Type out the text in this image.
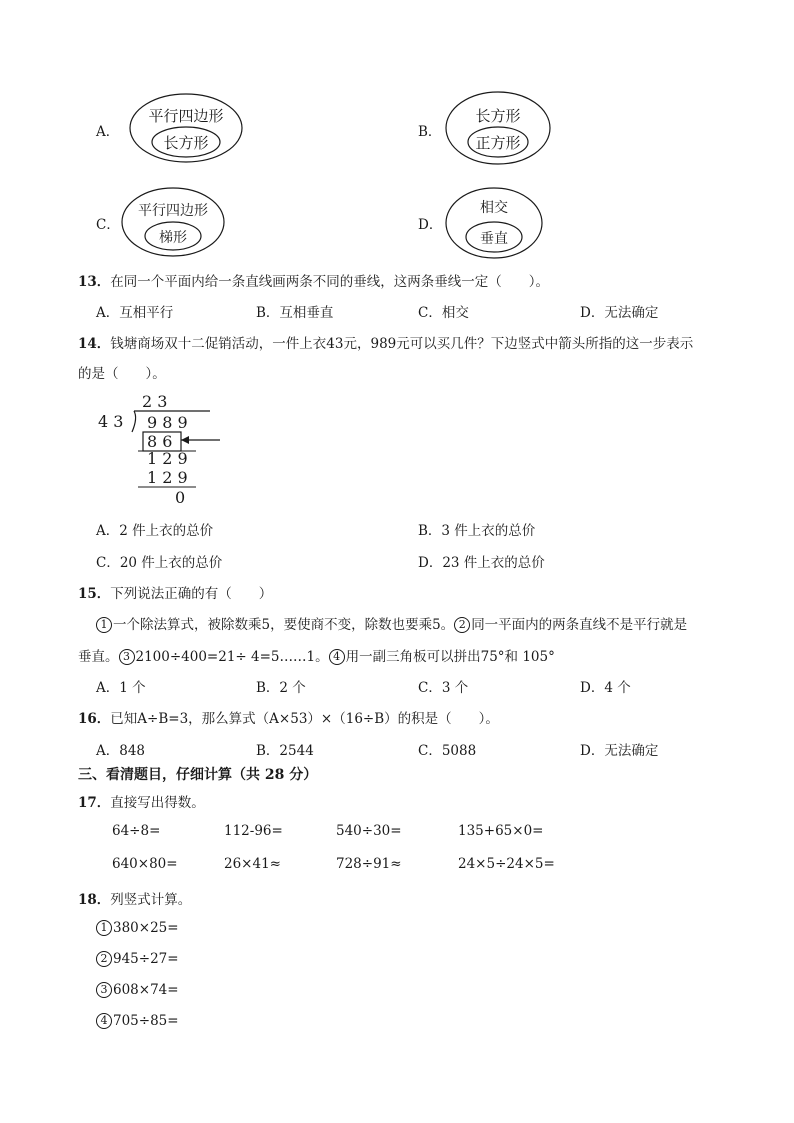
A．
平行四边形
长方形
B．
长方形
正方形
C．
平行四边形
梯形
D．
相交
垂直
13．在同一个平面内给一条直线画两条不同的垂线，这两条垂线一定（　　）。
A．互相平行	B．互相垂直	C．相交	D．无法确定
14．钱塘商场双十二促销活动，一件上衣43元，989元可以买几件？下边竖式中箭头所指的这一步表示
的是（　　）。
2 3
4 3 9 8 9
8 6
1 2 9
1 2 9
0
A．2 件上衣的总价	B．3 件上衣的总价
C．20 件上衣的总价	D．23 件上衣的总价
15．下列说法正确的有（　　）
1 一个除法算式，被除数乘5，要使商不变，除数也要乘5。 2 同一平面内的两条直线不是平行就是
垂直。 3 2100÷400=21÷ 4=5……1。 4 用一副三角板可以拼出75°和 105°
A．1 个	B．2 个	C．3 个	D．4 个
16．已知A÷B=3，那么算式（A×53）×（16÷B）的积是（　　）。
A．848	B．2544	C．5088	D．无法确定
三、看清题目，仔细计算（共 28 分）
17．直接写出得数。
64÷8=	112-96=	540÷30=	135+65×0=
640×80=	26×41≈	728÷91≈	24×5÷24×5=
18．列竖式计算。
1 380×25=
2 945÷27=
3 608×74=
4 705÷85=
